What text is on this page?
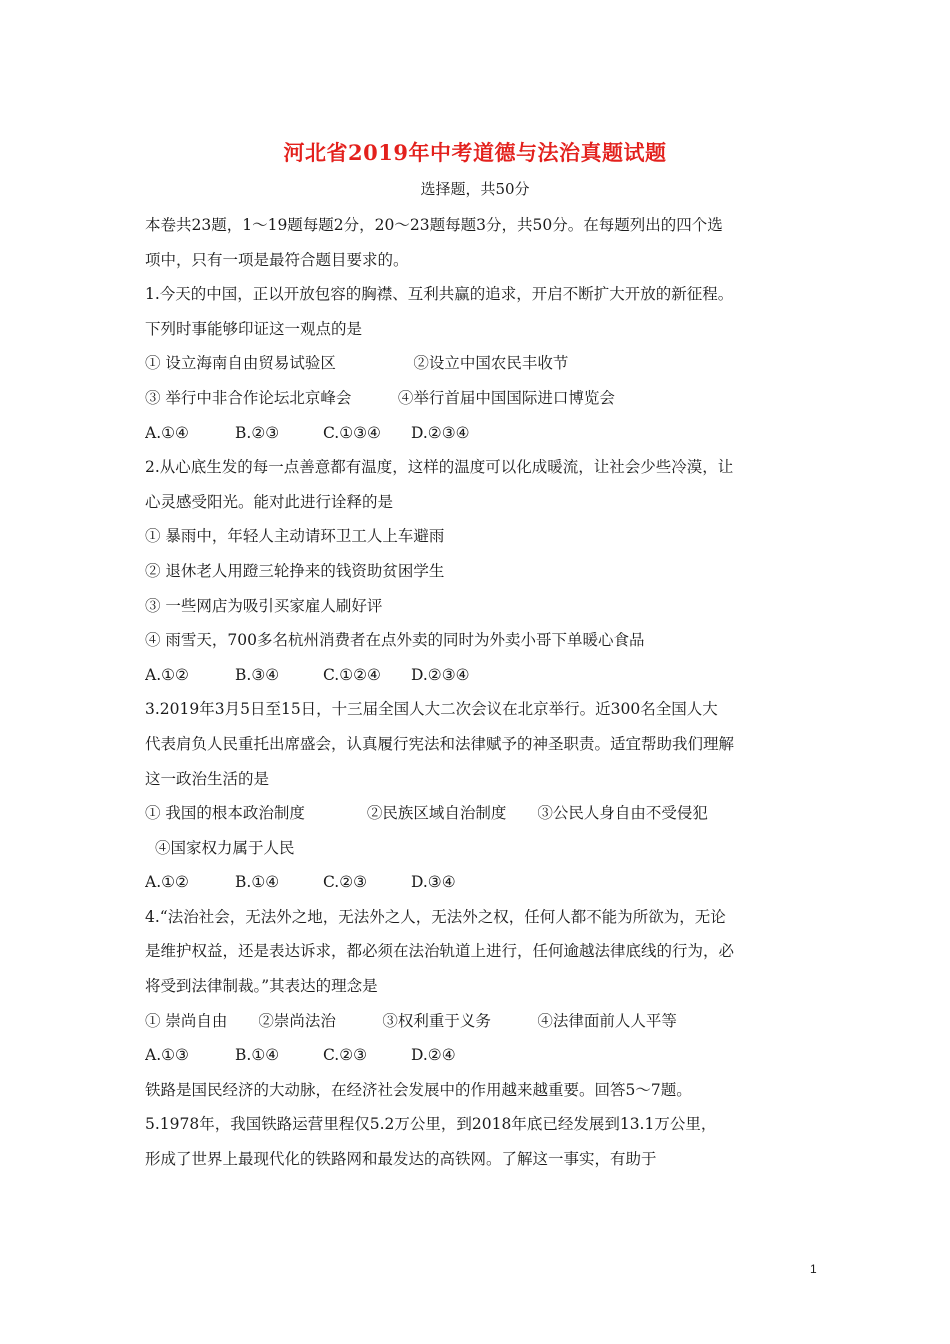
河北省2019年中考道德与法治真题试题
选择题，共50分
本卷共23题，1～19题每题2分，20～23题每题3分，共50分。在每题列出的四个选
项中，只有一项是最符合题目要求的。
1.今天的中国，正以开放包容的胸襟、互利共赢的追求，开启不断扩大开放的新征程。
下列时事能够印证这一观点的是
① 设立海南自由贸易试验区　　　　　②设立中国农民丰收节
③ 举行中非合作论坛北京峰会　　　④举行首届中国国际进口博览会
A.①④	B.②③	C.①③④ D.②③④
2.从心底生发的每一点善意都有温度，这样的温度可以化成暖流，让社会少些冷漠，让
心灵感受阳光。能对此进行诠释的是
① 暴雨中，年轻人主动请环卫工人上车避雨
② 退休老人用蹬三轮挣来的钱资助贫困学生
③ 一些网店为吸引买家雇人刷好评
④ 雨雪天，700多名杭州消费者在点外卖的同时为外卖小哥下单暖心食品
A.①②	B.③④	C.①②④ D.②③④
3.2019年3月5日至15日，十三届全国人大二次会议在北京举行。近300名全国人大
代表肩负人民重托出席盛会，认真履行宪法和法律赋予的神圣职责。适宜帮助我们理解
这一政治生活的是
① 我国的根本政治制度　　　　②民族区域自治制度　　③公民人身自由不受侵犯
④国家权力属于人民
A.①②	B.①④	C.②③	D.③④
4.“法治社会，无法外之地，无法外之人，无法外之权，任何人都不能为所欲为，无论
是维护权益，还是表达诉求，都必须在法治轨道上进行，任何逾越法律底线的行为，必
将受到法律制裁。”其表达的理念是
① 崇尚自由　　②崇尚法治　　　③权利重于义务　　　④法律面前人人平等
A.①③	B.①④	C.②③	D.②④
铁路是国民经济的大动脉，在经济社会发展中的作用越来越重要。回答5～7题。
5.1978年，我国铁路运营里程仅5.2万公里，到2018年底已经发展到13.1万公里，
形成了世界上最现代化的铁路网和最发达的高铁网。了解这一事实，有助于
1
